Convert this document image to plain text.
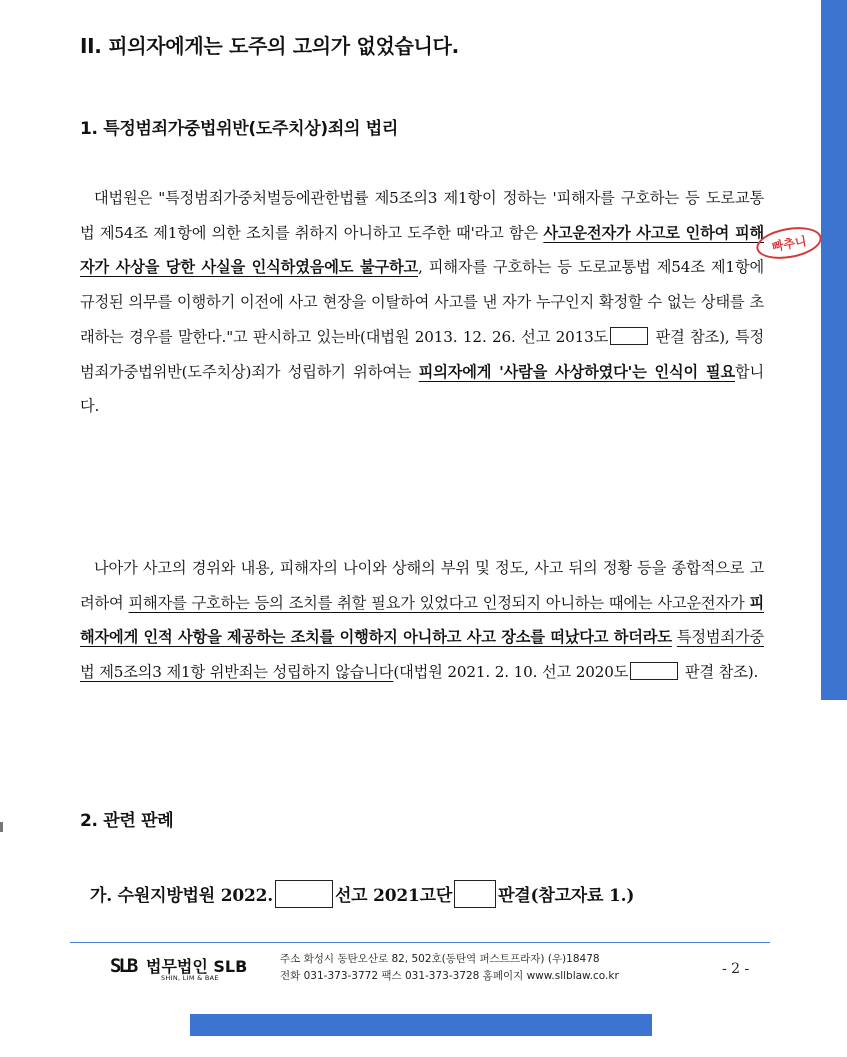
II. 피의자에게는 도주의 고의가 없었습니다.
1. 특정범죄가중법위반(도주치상)죄의 법리

대법원은 "특정범죄가중처벌등에관한법률 제5조의3 제1항이 정하는 '피해자를 구호하는 등 도로교통법 제54조 제1항에 의한 조치를 취하지 아니하고 도주한 때'라고 함은 사고운전자가 사고로 인하여 피해자가 사상을 당한 사실을 인식하였음에도 불구하고, 피해자를 구호하는 등 도로교통법 제54조 제1항에 규정된 의무를 이행하기 이전에 사고 현장을 이탈하여 사고를 낸 자가 누구인지 확정할 수 없는 상태를 초래하는 경우를 말한다."고 판시하고 있는바(대법원 2013. 12. 26. 선고 2013도	판결 참조), 특정범죄가중법위반(도주치상)죄가 성립하기 위하여는 피의자에게 '사람을 사상하였다'는 인식이 필요합니다.

빠추니

나아가 사고의 경위와 내용, 피해자의 나이와 상해의 부위 및 정도, 사고 뒤의 정황 등을 종합적으로 고려하여 피해자를 구호하는 등의 조치를 취할 필요가 있었다고 인정되지 아니하는 때에는 사고운전자가 피해자에게 인적 사항을 제공하는 조치를 이행하지 아니하고 사고 장소를 떠났다고 하더라도 특정범죄가중법 제5조의3 제1항 위반죄는 성립하지 않습니다(대법원 2021. 2. 10. 선고 2020도	판결 참조).

2. 관련 판례

가. 수원지방법원 2022.	선고 2021고단	판결(참고자료 1.)

SLB 법무법인 SLB
SHIN, LIM & BAE
주소 화성시 동탄오산로 82, 502호(동탄역 퍼스트프라자) (우)18478
전화 031-373-3772 팩스 031-373-3728 홈페이지 www.sllblaw.co.kr	- 2 -
